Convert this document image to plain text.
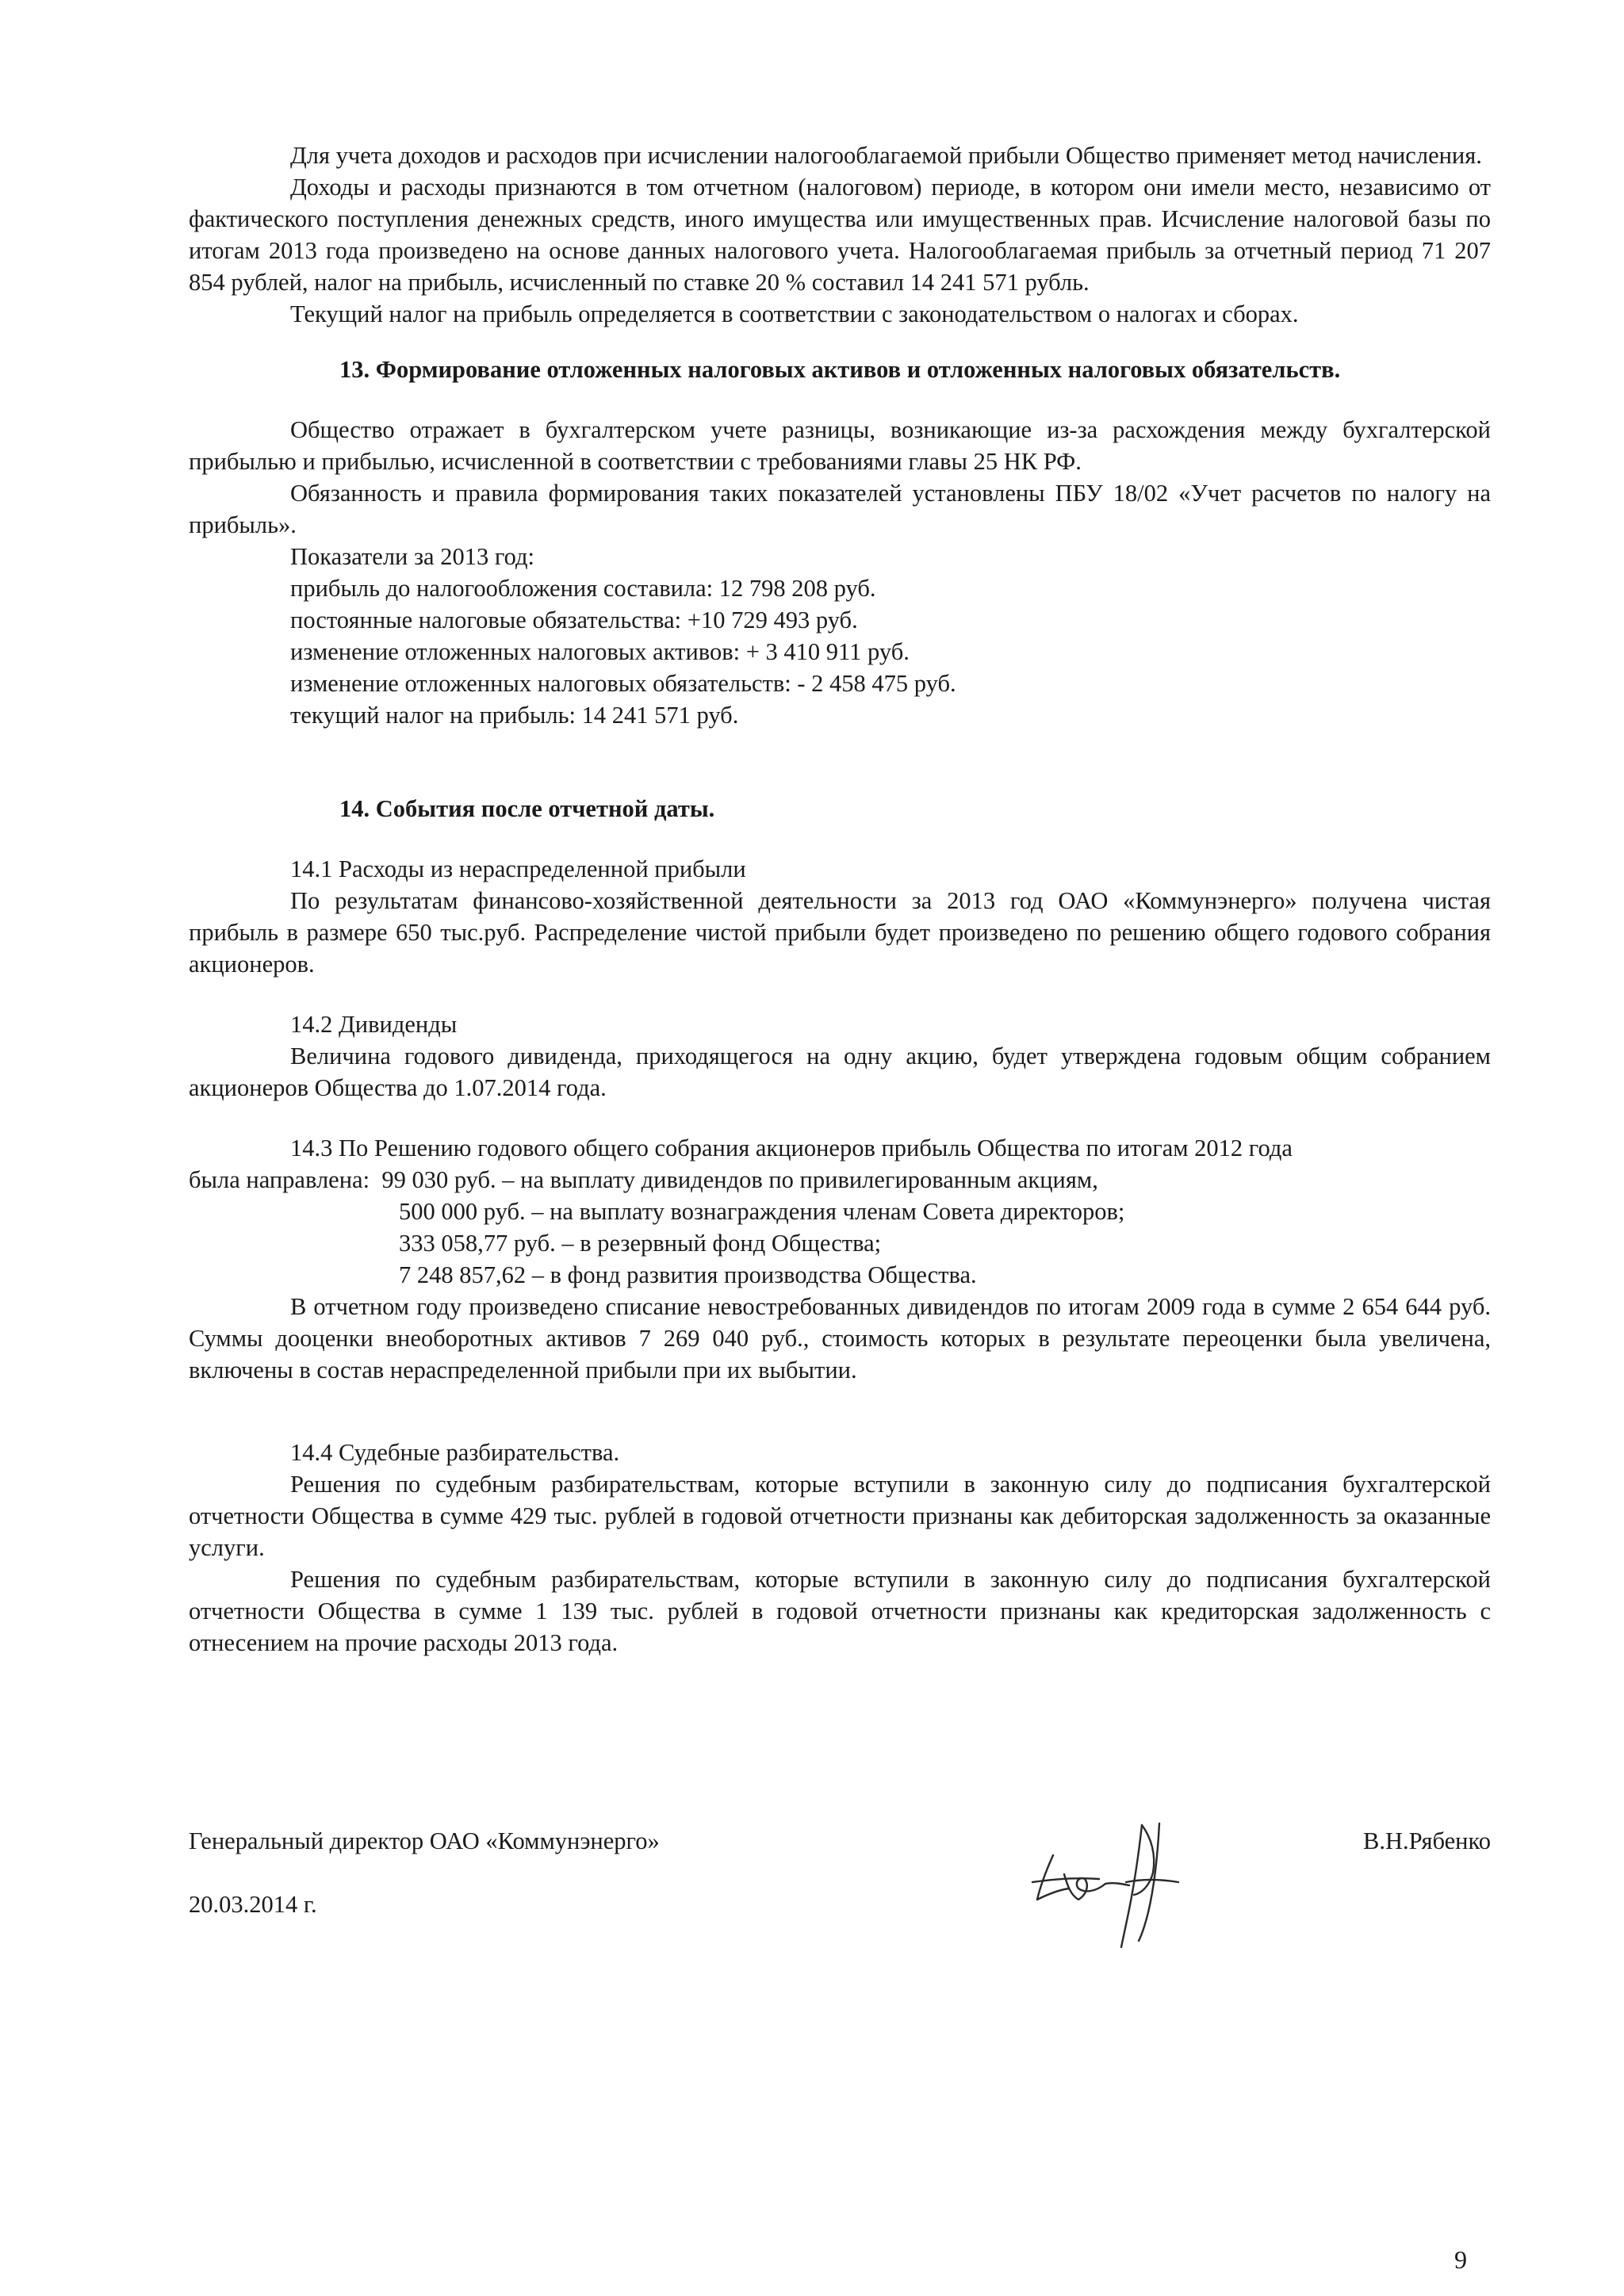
Для учета доходов и расходов при исчислении налогооблагаемой прибыли Общество применяет метод начисления.

Доходы и расходы признаются в том отчетном (налоговом) периоде, в котором они имели место, независимо от фактического поступления денежных средств, иного имущества или имущественных прав. Исчисление налоговой базы по итогам 2013 года произведено на основе данных налогового учета. Налогооблагаемая прибыль за отчетный период 71 207 854 рублей, налог на прибыль, исчисленный по ставке 20 % составил 14 241 571 рубль.

Текущий налог на прибыль определяется в соответствии с законодательством о налогах и сборах.

13. Формирование отложенных налоговых активов и отложенных налоговых обязательств.

Общество отражает в бухгалтерском учете разницы, возникающие из-за расхождения между бухгалтерской прибылью и прибылью, исчисленной в соответствии с требованиями главы 25 НК РФ.

Обязанность и правила формирования таких показателей установлены ПБУ 18/02 «Учет расчетов по налогу на прибыль».

Показатели за 2013 год:

прибыль до налогообложения составила: 12 798 208 руб.

постоянные налоговые обязательства: +10 729 493 руб.

изменение отложенных налоговых активов: + 3 410 911 руб.

изменение отложенных налоговых обязательств: - 2 458 475 руб.

текущий налог на прибыль: 14 241 571 руб.

14. События после отчетной даты.

14.1 Расходы из нераспределенной прибыли

По результатам финансово-хозяйственной деятельности за 2013 год ОАО «Коммунэнерго» получена чистая прибыль в размере 650 тыс.руб. Распределение чистой прибыли будет произведено по решению общего годового собрания акционеров.

14.2 Дивиденды

Величина годового дивиденда, приходящегося на одну акцию, будет утверждена годовым общим собранием акционеров Общества до 1.07.2014 года.

14.3 По Решению годового общего собрания акционеров прибыль Общества по итогам 2012 года

была направлена: 99 030 руб. – на выплату дивидендов по привилегированным акциям,

500 000 руб. – на выплату вознаграждения членам Совета директоров;

333 058,77 руб. – в резервный фонд Общества;

7 248 857,62 – в фонд развития производства Общества.

В отчетном году произведено списание невостребованных дивидендов по итогам 2009 года в сумме 2 654 644 руб. Суммы дооценки внеоборотных активов 7 269 040 руб., стоимость которых в результате переоценки была увеличена, включены в состав нераспределенной прибыли при их выбытии.

14.4 Судебные разбирательства.

Решения по судебным разбирательствам, которые вступили в законную силу до подписания бухгалтерской отчетности Общества в сумме 429 тыс. рублей в годовой отчетности признаны как дебиторская задолженность за оказанные услуги.

Решения по судебным разбирательствам, которые вступили в законную силу до подписания бухгалтерской отчетности Общества в сумме 1 139 тыс. рублей в годовой отчетности признаны как кредиторская задолженность с отнесением на прочие расходы 2013 года.

Генеральный директор ОАО «Коммунэнерго»	В.Н.Рябенко
20.03.2014 г.
9
